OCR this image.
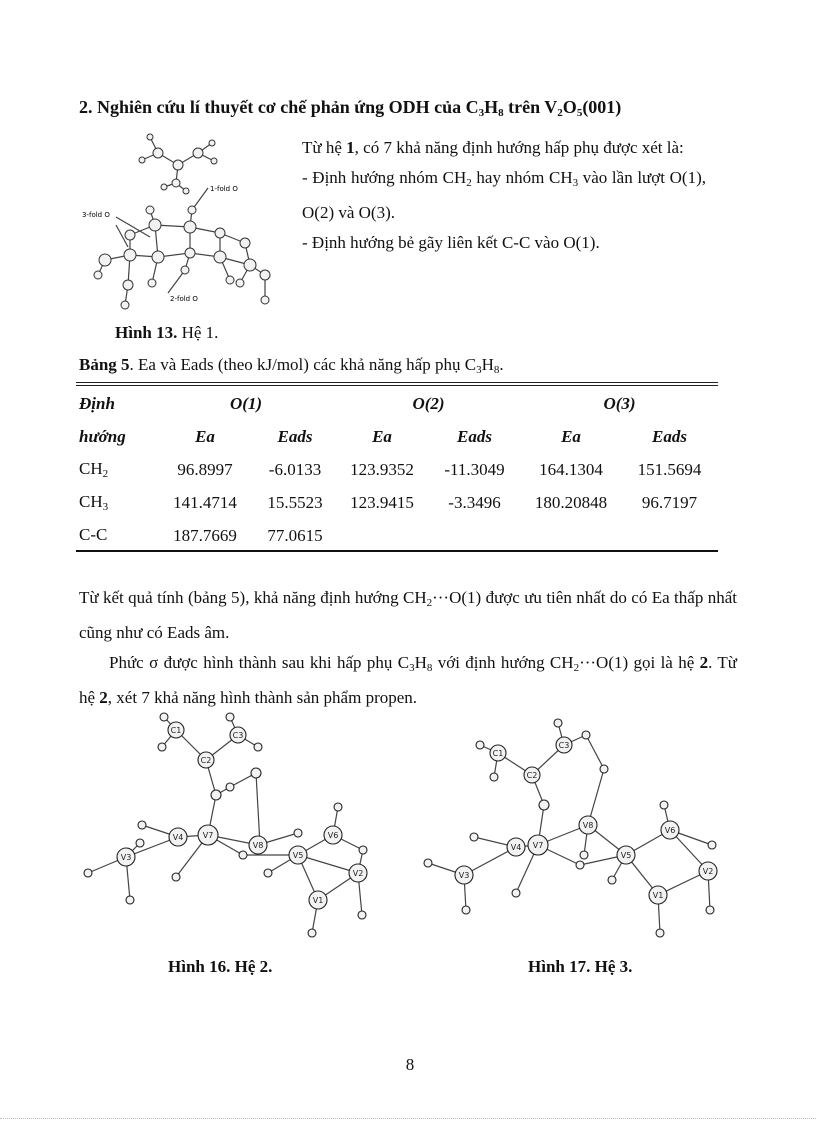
2. Nghiên cứu lí thuyết cơ chế phản ứng ODH của $C_3H_8$ trên $V_2O_5(001)$
1-fold O
3-fold O
2-fold O
Hình 13. Hệ 1.

Từ hệ 1, có 7 khả năng định hướng hấp phụ được xét là:

- Định hướng nhóm $CH_2$ hay nhóm $CH_3$ vào lần lượt O(1), O(2) và O(3).

- Định hướng bẻ gãy liên kết C-C vào O(1).

Bảng 5. Ea và Eads (theo kJ/mol) các khả năng hấp phụ $C_3H_8$.
Định	O(1)		O(2)		O(3)	
hướng	Ea	Eads	Ea	Eads	Ea	Eads
$CH_2$	96.8997	-6.0133	123.9352	-11.3049	164.1304	151.5694
$CH_3$	141.4714	15.5523	123.9415	-3.3496	180.20848	96.7197
C-C	187.7669	77.0615				

Từ kết quả tính (bảng 5), khả năng định hướng $CH_2\cdot\cdot\cdot O(1)$ được ưu tiên nhất do có Ea thấp nhất cũng như có Eads âm.

Phức σ được hình thành sau khi hấp phụ $C_3H_8$ với định hướng $CH_2\cdot\cdot\cdot O(1)$ gọi là hệ 2. Từ hệ 2, xét 7 khả năng hình thành sản phẩm propen.

C1
C2
C3
V3
V4 V7
V8
V5
V6
V1
V2
Hình 16. Hệ 2.
C1
C2
C3
V3
V4 V7
V8
V5
V6
V1
V2
Hình 17. Hệ 3.
8
